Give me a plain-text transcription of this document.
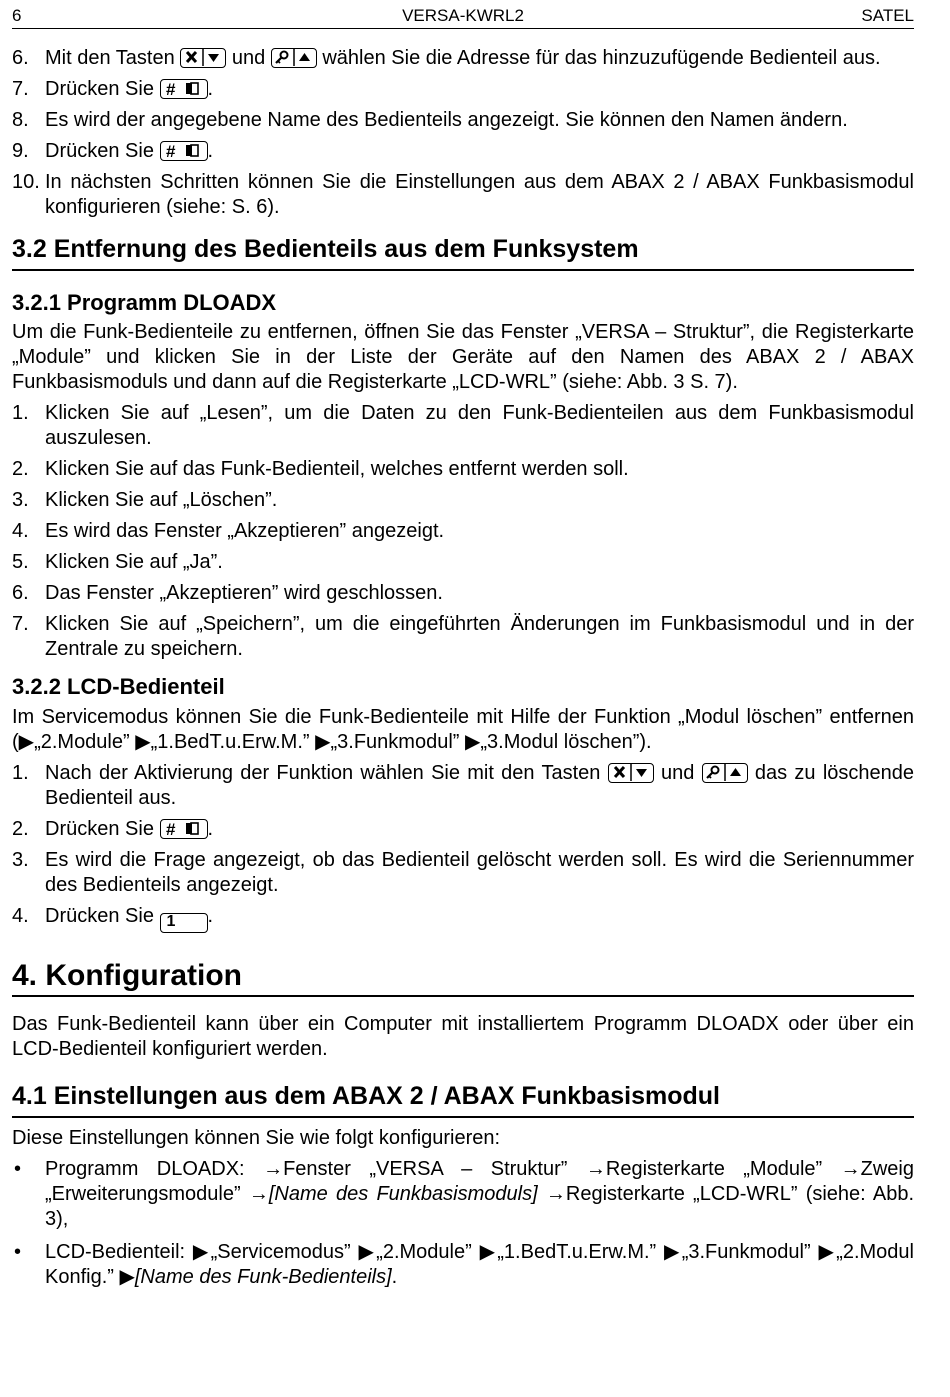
6	VERSA-KWRL2	SATEL
6. Mit den Tasten	und	wählen Sie die Adresse für das hinzuzufügende Bedienteil aus.
7. Drücken Sie # .
8. Es wird der angegebene Name des Bedienteils angezeigt. Sie können den Namen ändern.
9. Drücken Sie # .
10. In nächsten Schritten können Sie die Einstellungen aus dem ABAX 2 / ABAX Funkbasismodul konfigurieren (siehe: S. 6).
3.2 Entfernung des Bedienteils aus dem Funksystem
3.2.1 Programm DLOADX
Um die Funk-Bedienteile zu entfernen, öffnen Sie das Fenster „VERSA – Struktur”, die Registerkarte „Module” und klicken Sie in der Liste der Geräte auf den Namen des ABAX 2 / ABAX Funkbasismoduls und dann auf die Registerkarte „LCD-WRL” (siehe: Abb. 3 S. 7).
1. Klicken Sie auf „Lesen”, um die Daten zu den Funk-Bedienteilen aus dem Funkbasismodul auszulesen.
2. Klicken Sie auf das Funk-Bedienteil, welches entfernt werden soll.
3. Klicken Sie auf „Löschen”.
4. Es wird das Fenster „Akzeptieren” angezeigt.
5. Klicken Sie auf „Ja”.
6. Das Fenster „Akzeptieren” wird geschlossen.
7. Klicken Sie auf „Speichern”, um die eingeführten Änderungen im Funkbasismodul und in der Zentrale zu speichern.
3.2.2 LCD-Bedienteil
Im Servicemodus können Sie die Funk-Bedienteile mit Hilfe der Funktion „Modul löschen” entfernen (▶„2.Module” ▶„1.BedT.u.Erw.M.” ▶„3.Funkmodul” ▶„3.Modul löschen”).
1. Nach der Aktivierung der Funktion wählen Sie mit den Tasten	und	das zu löschende Bedienteil aus.
2. Drücken Sie # .
3. Es wird die Frage angezeigt, ob das Bedienteil gelöscht werden soll. Es wird die Seriennummer des Bedienteils angezeigt.
4. Drücken Sie 1 .
4. Konfiguration
Das Funk-Bedienteil kann über ein Computer mit installiertem Programm DLOADX oder über ein LCD-Bedienteil konfiguriert werden.
4.1 Einstellungen aus dem ABAX 2 / ABAX Funkbasismodul
Diese Einstellungen können Sie wie folgt konfigurieren:
• Programm DLOADX: →Fenster „VERSA – Struktur” →Registerkarte „Module” →Zweig „Erweiterungsmodule” →[Name des Funkbasismoduls] →Registerkarte „LCD-WRL” (siehe: Abb. 3),
• LCD-Bedienteil: ▶„Servicemodus” ▶„2.Module” ▶„1.BedT.u.Erw.M.” ▶„3.Funkmodul” ▶„2.Modul Konfig.” ▶[Name des Funk-Bedienteils].
